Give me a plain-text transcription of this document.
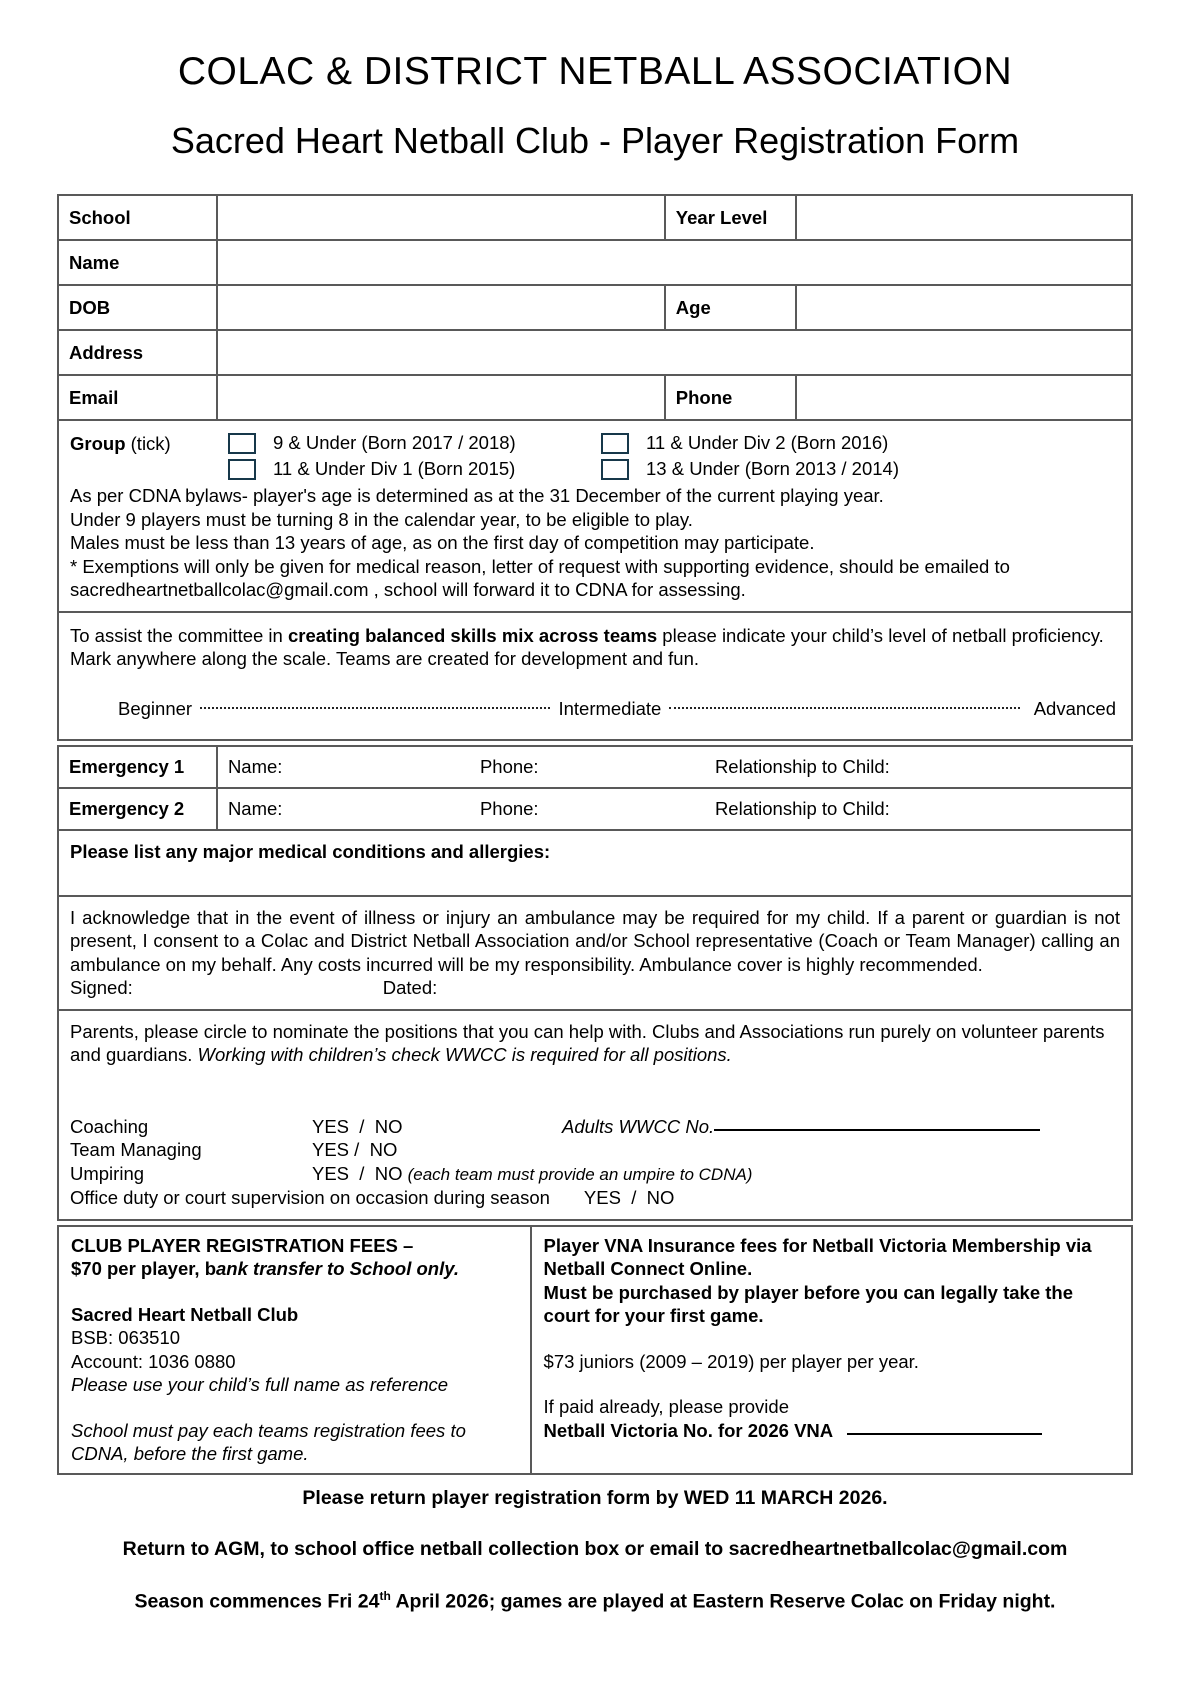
COLAC & DISTRICT NETBALL ASSOCIATION
Sacred Heart Netball Club - Player Registration Form
School		Year Level	
Name			
DOB		Age	
Address			
Email		Phone	
Group (tick)	9 & Under (Born 2017 / 2018)	11 & Under Div 2 (Born 2016)
11 & Under Div 1 (Born 2015)	13 & Under (Born 2013 / 2014)

As per CDNA bylaws- player's age is determined as at the 31 December of the current playing year.

Under 9 players must be turning 8 in the calendar year, to be eligible to play.

Males must be less than 13 years of age, as on the first day of competition may participate.

* Exemptions will only be given for medical reason, letter of request with supporting evidence, should be emailed to sacredheartnetballcolac@gmail.com , school will forward it to CDNA for assessing.

To assist the committee in creating balanced skills mix across teams please indicate your child’s level of netball proficiency. Mark anywhere along the scale. Teams are created for development and fun.

Beginner	Intermediate	Advanced
Emergency 1	Name: Phone: Relationship to Child:

Emergency 2	Name: Phone: Relationship to Child:

Please list any major medical conditions and allergies:

I acknowledge that in the event of illness or injury an ambulance may be required for my child. If a parent or guardian is not present, I consent to a Colac and District Netball Association and/or School representative (Coach or Team Manager) calling an ambulance on my behalf. Any costs incurred will be my responsibility. Ambulance cover is highly recommended.

Signed:	Dated:

Parents, please circle to nominate the positions that you can help with. Clubs and Associations run purely on volunteer parents and guardians. Working with children’s check WWCC is required for all positions.

Coaching	YES  /  NO	Adults WWCC No.
Team Managing	YES /  NO
Umpiring	YES  /  NO (each team must provide an umpire to CDNA)
Office duty or court supervision on occasion during season YES  /  NO

CLUB PLAYER REGISTRATION FEES –

$70 per player, bank transfer to School only.

Sacred Heart Netball Club

BSB: 063510

Account: 1036 0880

Please use your child’s full name as reference

School must pay each teams registration fees to CDNA, before the first game.

Player VNA Insurance fees for Netball Victoria Membership via Netball Connect Online.

Must be purchased by player before you can legally take the court for your first game.

$73 juniors (2009 – 2019) per player per year.

If paid already, please provide

Netball Victoria No. for 2026 VNA

Please return player registration form by WED 11 MARCH 2026.

Return to AGM, to school office netball collection box or email to sacredheartnetballcolac@gmail.com

Season commences Fri 24th April 2026; games are played at Eastern Reserve Colac on Friday night.
